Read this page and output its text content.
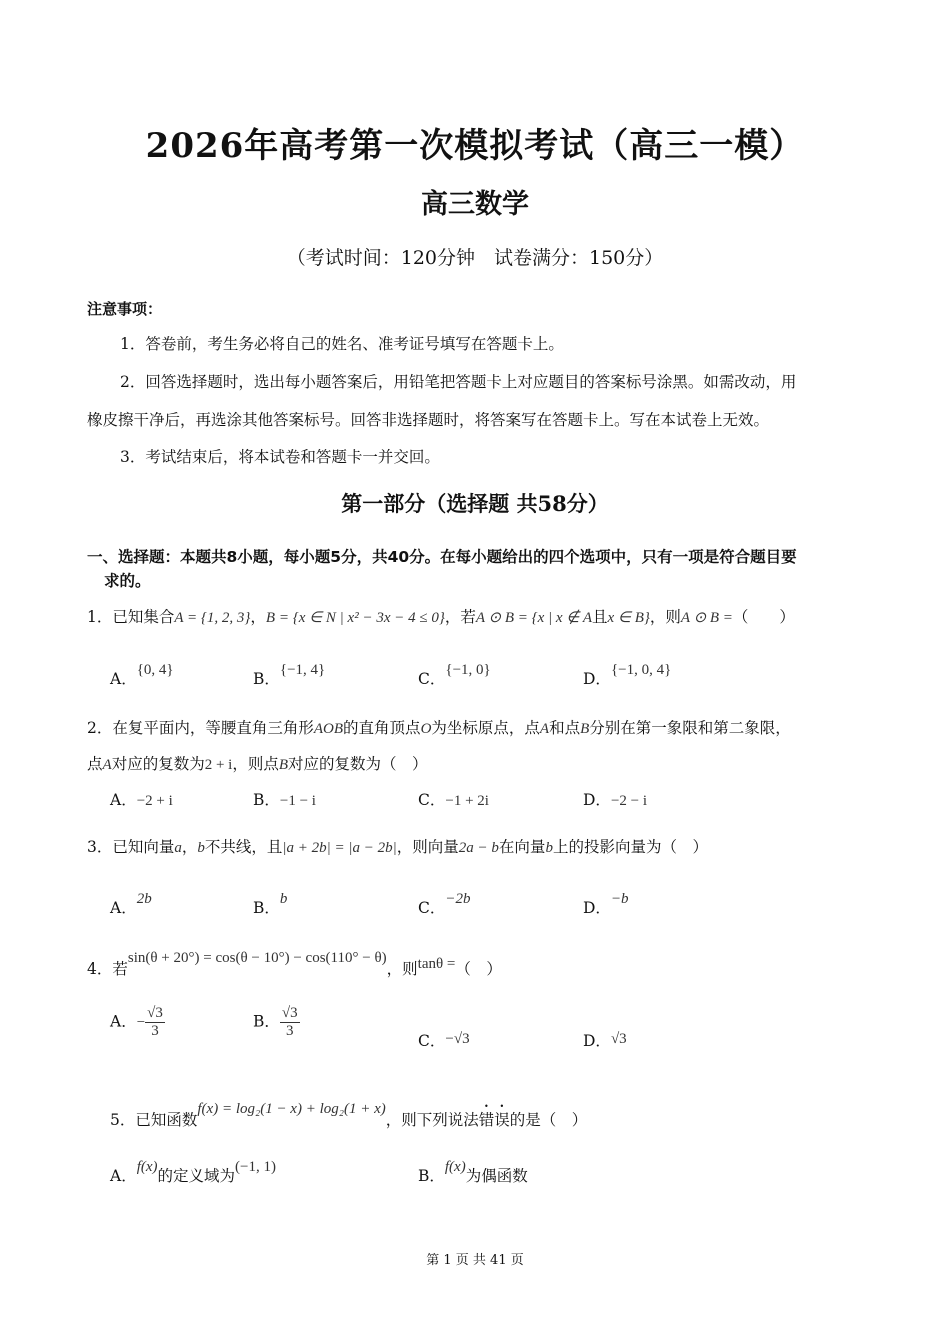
2026年高考第一次模拟考试（高三一模）
高三数学
（考试时间：120分钟　试卷满分：150分）
注意事项：
1．答卷前，考生务必将自己的姓名、准考证号填写在答题卡上。
2．回答选择题时，选出每小题答案后，用铅笔把答题卡上对应题目的答案标号涂黑。如需改动，用
橡皮擦干净后，再选涂其他答案标号。回答非选择题时，将答案写在答题卡上。写在本试卷上无效。
3．考试结束后，将本试卷和答题卡一并交回。
第一部分（选择题 共58分）
一、选择题：本题共8小题，每小题5分，共40分。在每小题给出的四个选项中，只有一项是符合题目要
求的。
1．已知集合A = {1, 2, 3}，B = {x ∈ N | x² − 3x − 4 ≤ 0}，若A ⊙ B = {x | x ∉ A且x ∈ B}，则A ⊙ B =（　　）
A．{0, 4}	B．{−1, 4}	C．{−1, 0}	D．{−1, 0, 4}
2．在复平面内，等腰直角三角形AOB的直角顶点O为坐标原点，点A和点B分别在第一象限和第二象限，
点A对应的复数为2 + i，则点B对应的复数为（　）
A．−2 + i	B．−1 − i	C．−1 + 2i	D．−2 − i
3．已知向量a，b不共线，且|a + 2b| = |a − 2b|，则向量2a − b在向量b上的投影向量为（　）
A．2b	B．b	C．−2b	D．−b
4．若sin(θ + 20°) = cos(θ − 10°) − cos(110° − θ)，则tanθ =（　）
A．− $\frac{√3}{3}$	B． $\frac{√3}{3}$
C．−√3	D．√3
5．已知函数f(x) = log₂(1 − x) + log₂(1 + x)，则下列说法错误的是（　）
A．f(x)的定义域为(−1, 1)	B．f(x)为偶函数
第 1 页 共 41 页
